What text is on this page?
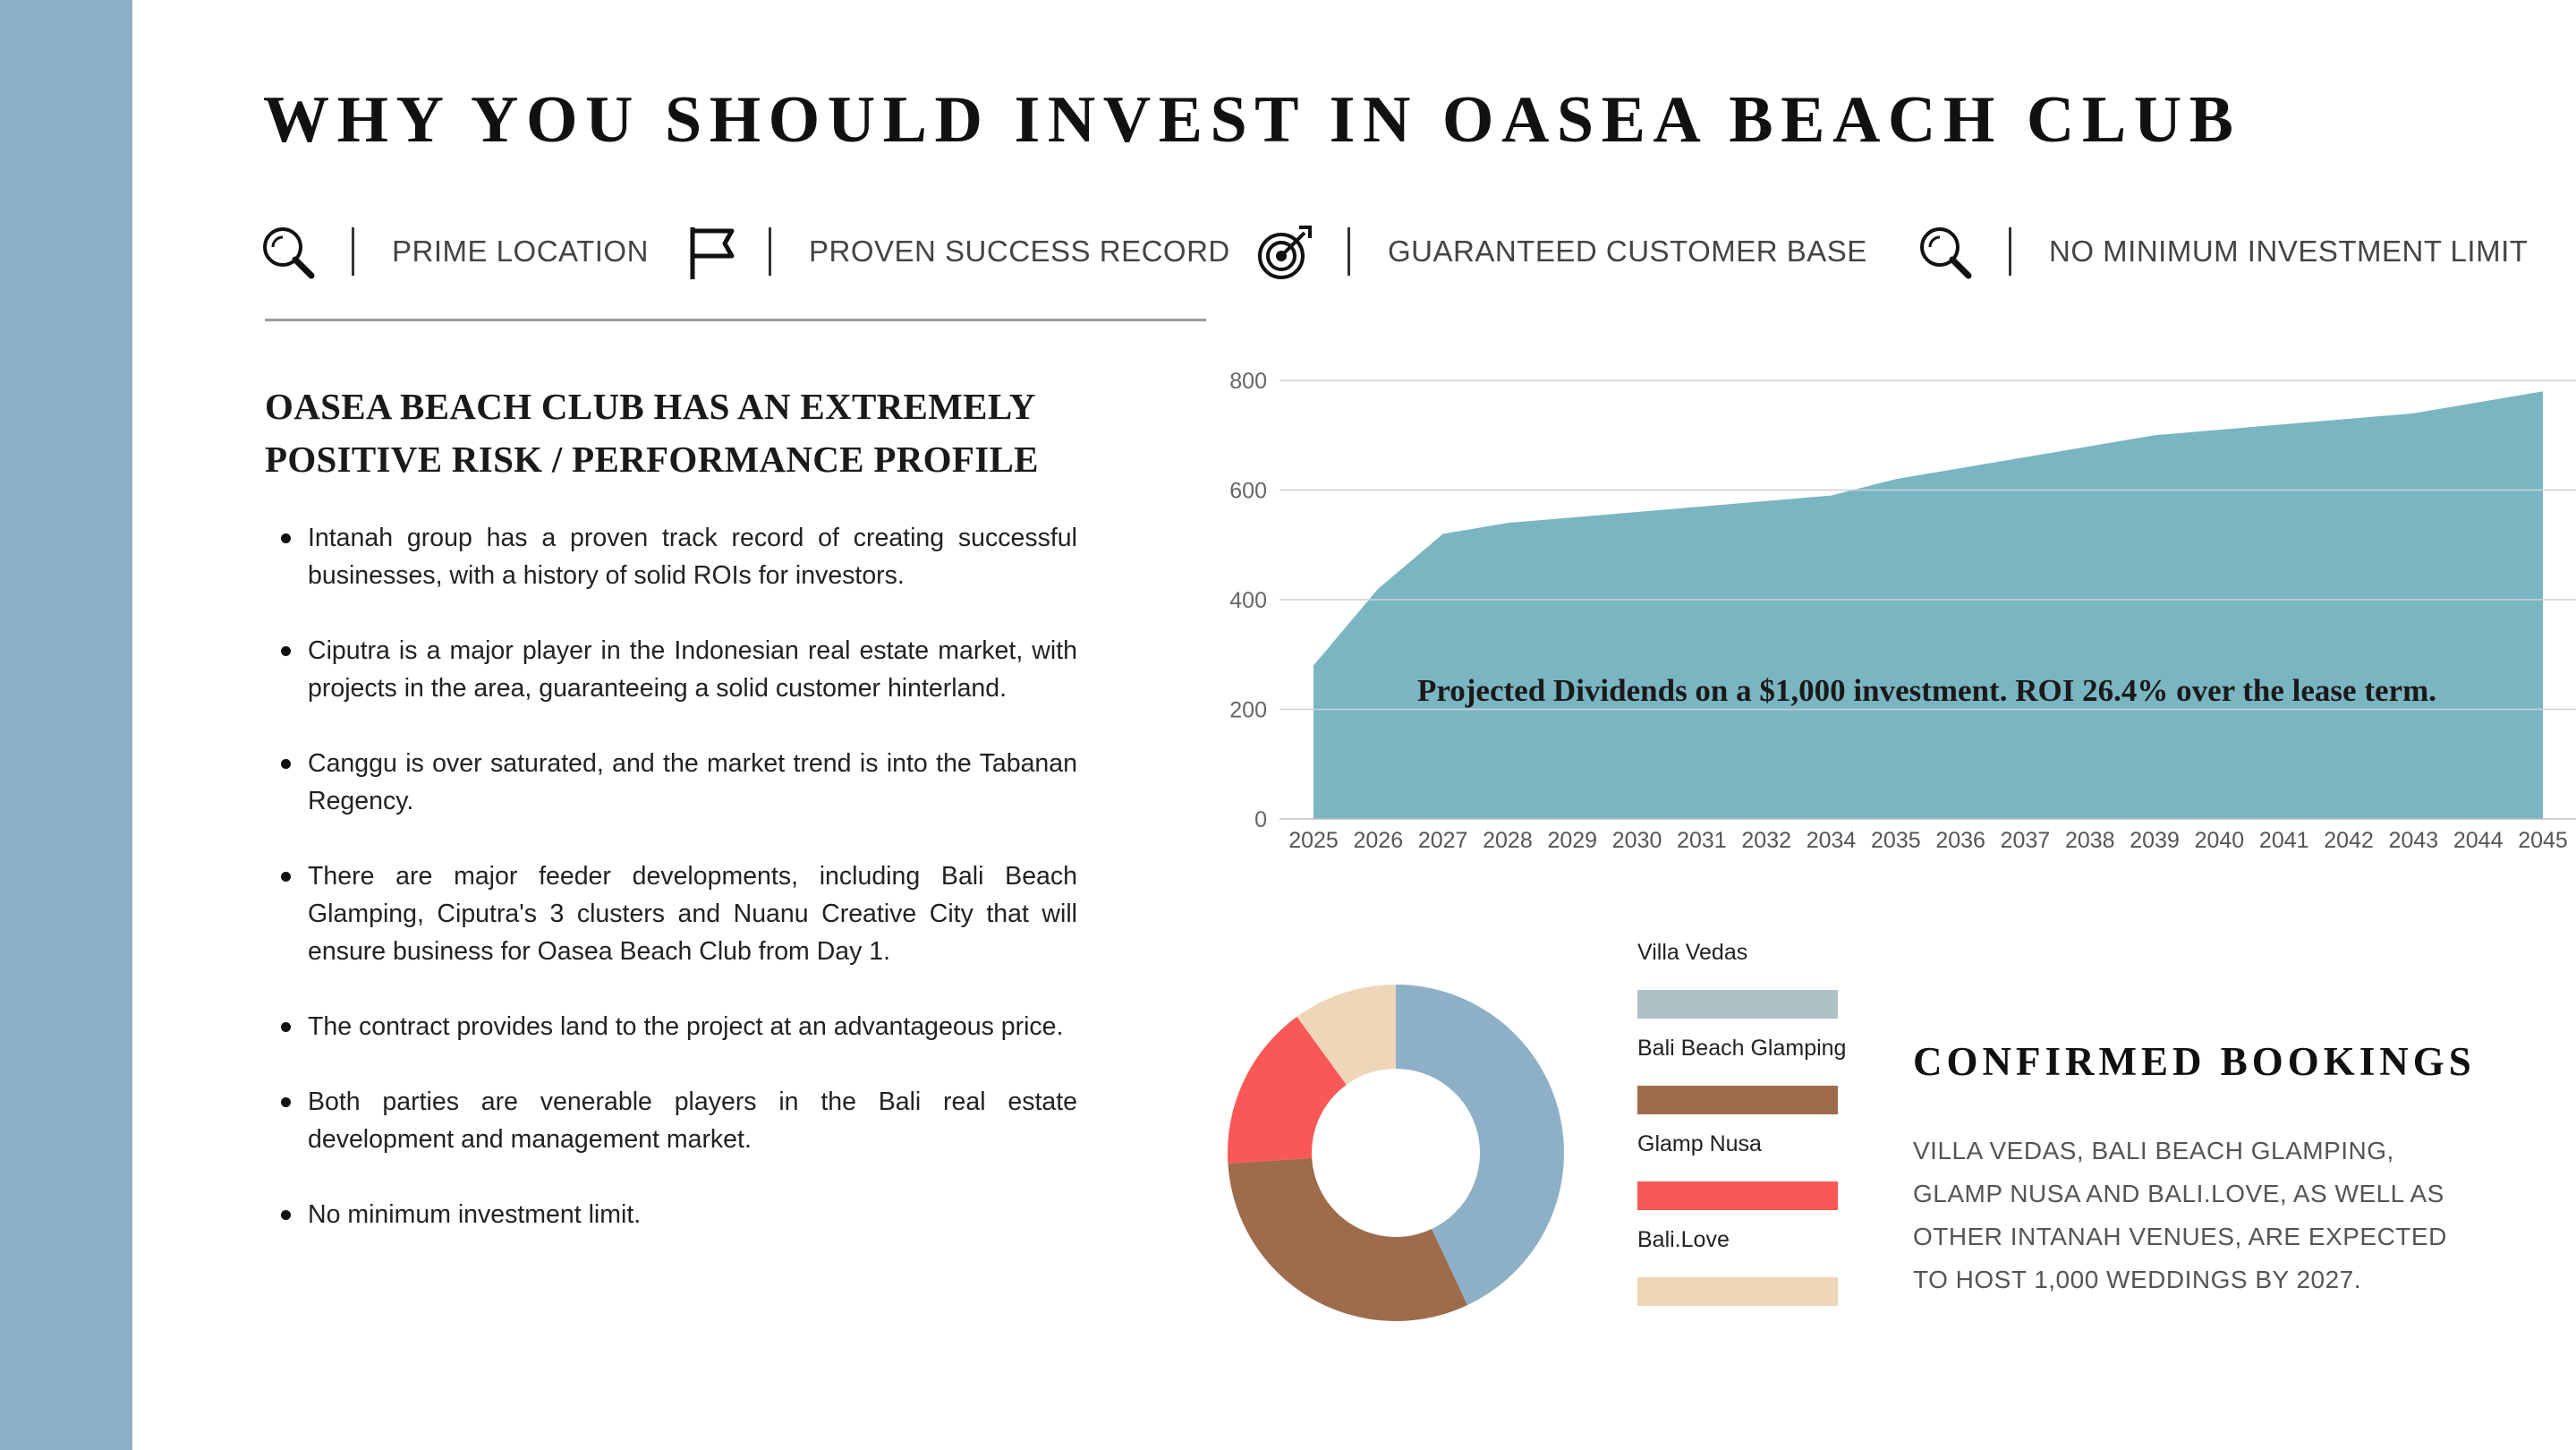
WHY YOU SHOULD INVEST IN OASEA BEACH CLUB
PRIME LOCATION	PROVEN SUCCESS RECORD	GUARANTEED CUSTOMER BASE	NO MINIMUM INVESTMENT LIMIT
OASEA BEACH CLUB HAS AN EXTREMELY
POSITIVE RISK / PERFORMANCE PROFILE
Intanah group has a proven track record of creating successful businesses, with a history of solid ROIs for investors.
Ciputra is a major player in the Indonesian real estate market, with projects in the area, guaranteeing a solid customer hinterland.
Canggu is over saturated, and the market trend is into the Tabanan Regency.
There are major feeder developments, including Bali Beach Glamping, Ciputra's 3 clusters and Nuanu Creative City that will ensure business for Oasea Beach Club from Day 1.
The contract provides land to the project at an advantageous price.
Both parties are venerable players in the Bali real estate development and management market.
No minimum investment limit.
0
200
400
600
800
2025 2026 2027 2028 2029 2030 2031 2032 2034 2035 2036 2037 2038 2039 2040 2041 2042 2043 2044 2045

Projected Dividends on a $1,000 investment. ROI 26.4% over the lease term.

Villa Vedas
Bali Beach Glamping
Glamp Nusa
Bali.Love
CONFIRMED BOOKINGS

VILLA VEDAS, BALI BEACH GLAMPING, GLAMP NUSA AND BALI.LOVE, AS WELL AS OTHER INTANAH VENUES, ARE EXPECTED TO HOST 1,000 WEDDINGS BY 2027.
